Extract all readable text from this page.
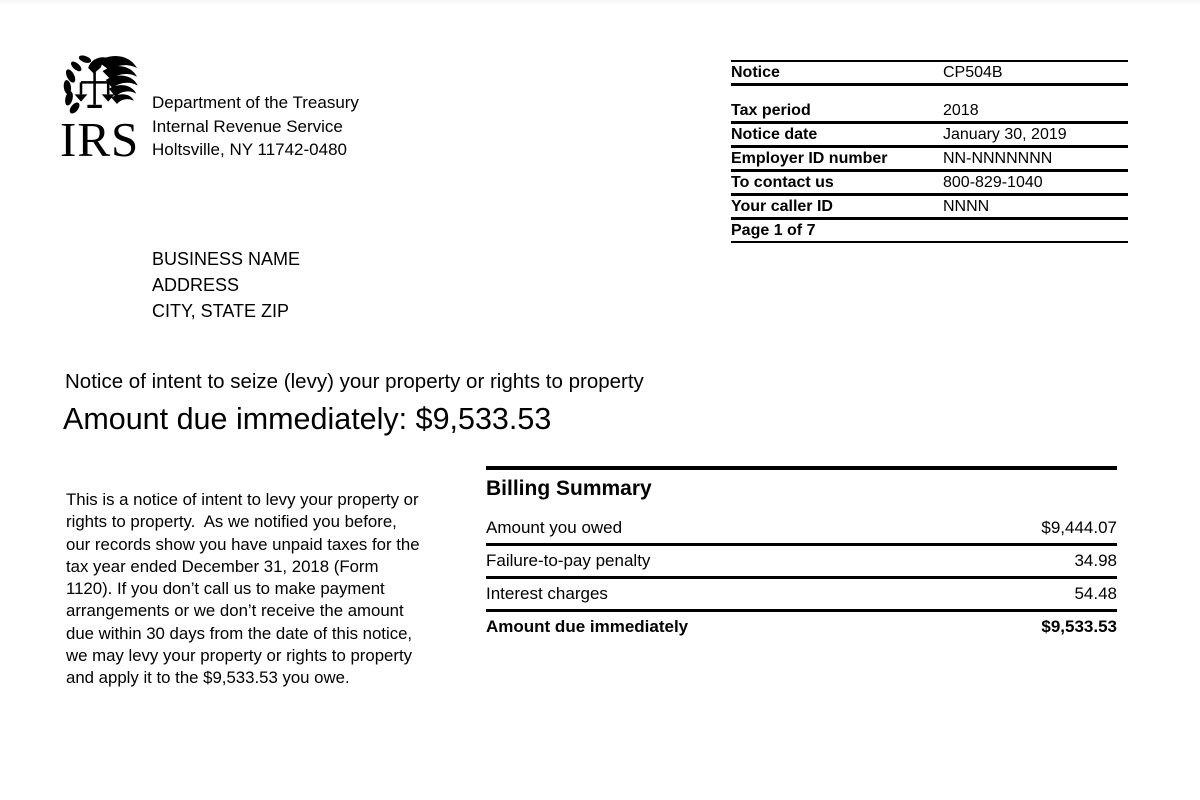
IRS
Department of the Treasury
Internal Revenue Service
Holtsville, NY 11742-0480
Notice	CP504B
Tax period	2018
Notice date	January 30, 2019
Employer ID number	NN-NNNNNNN
To contact us	800-829-1040
Your caller ID	NNNN
Page 1 of 7
BUSINESS NAME
ADDRESS
CITY, STATE ZIP
Notice of intent to seize (levy) your property or rights to property
Amount due immediately: $9,533.53
This is a notice of intent to levy your property or rights to property.  As we notified you before, our records show you have unpaid taxes for the tax year ended December 31, 2018 (Form 1120). If you don’t call us to make payment arrangements or we don’t receive the amount due within 30 days from the date of this notice, we may levy your property or rights to property and apply it to the $9,533.53 you owe.
Billing Summary
Amount you owed	$9,444.07
Failure-to-pay penalty	34.98
Interest charges	54.48
Amount due immediately	$9,533.53
